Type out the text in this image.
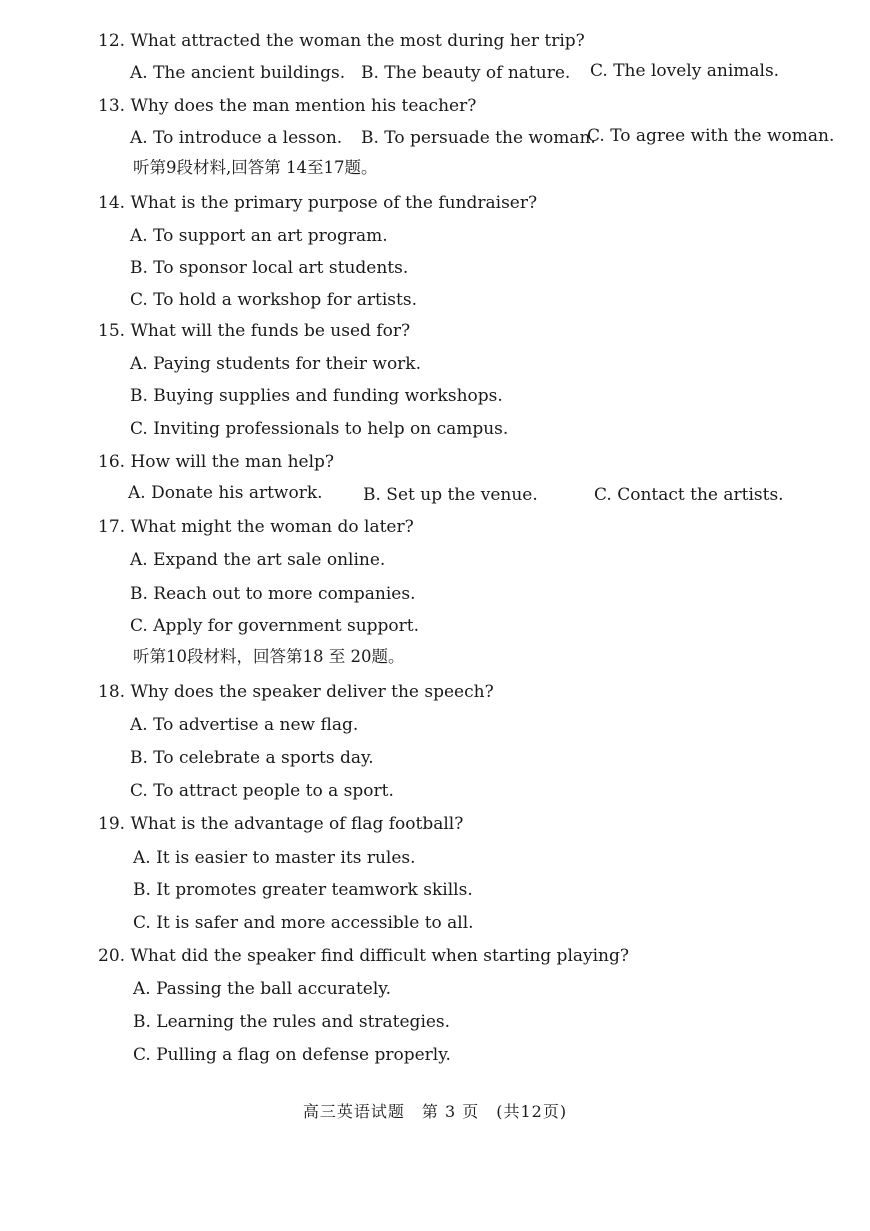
12. What attracted the woman the most during her trip?
A. The ancient buildings. B. The beauty of nature. C. The lovely animals.
13. Why does the man mention his teacher?
A. To introduce a lesson. B. To persuade the woman.
C. To agree with the woman.
听第9段材料,回答第 14至17题。
14. What is the primary purpose of the fundraiser?
A. To support an art program.
B. To sponsor local art students.
C. To hold a workshop for artists.
15. What will the funds be used for?
A. Paying students for their work.
B. Buying supplies and funding workshops.
C. Inviting professionals to help on campus.
16. How will the man help?
A. Donate his artwork. B. Set up the venue.	C. Contact the artists.
17. What might the woman do later?
A. Expand the art sale online.
B. Reach out to more companies.
C. Apply for government support.
听第10段材料，回答第18 至 20题。
18. Why does the speaker deliver the speech?
A. To advertise a new flag.
B. To celebrate a sports day.
C. To attract people to a sport.
19. What is the advantage of flag football?
A. It is easier to master its rules.
B. It promotes greater teamwork skills.
C. It is safer and more accessible to all.
20. What did the speaker find difficult when starting playing?
A. Passing the ball accurately.
B. Learning the rules and strategies.
C. Pulling a flag on defense properly.
高三英语试题　第 3 页　(共12页)
